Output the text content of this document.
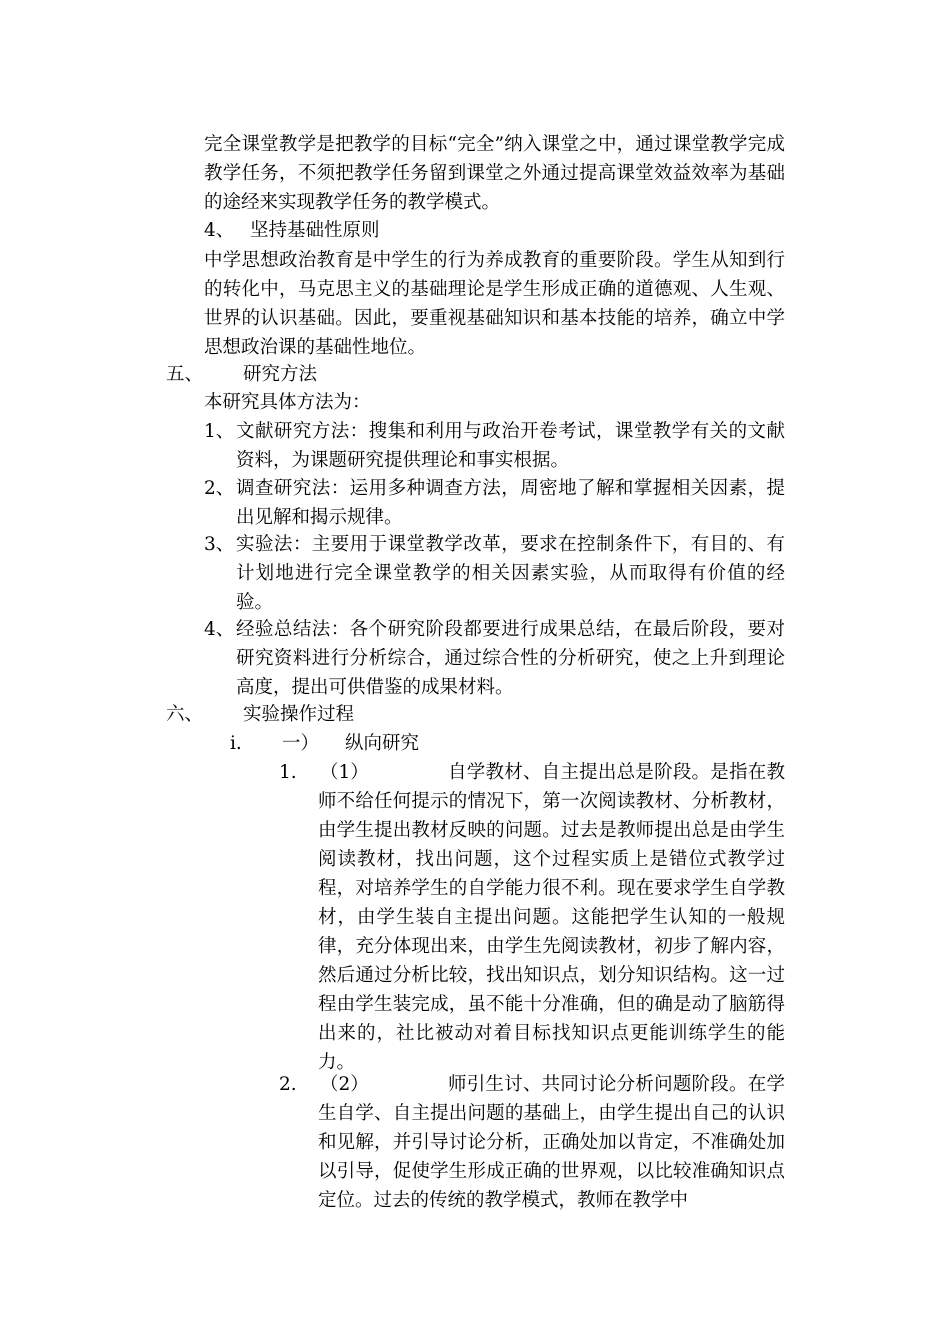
完全课堂教学是把教学的目标“完全”纳入课堂之中，通过课堂教学完成教学任务，不须把教学任务留到课堂之外通过提高课堂效益效率为基础的途经来实现教学任务的教学模式。

4、 坚持基础性原则

中学思想政治教育是中学生的行为养成教育的重要阶段。学生从知到行的转化中，马克思主义的基础理论是学生形成正确的道德观、人生观、世界的认识基础。因此，要重视基础知识和基本技能的培养，确立中学思想政治课的基础性地位。

五、 研究方法

本研究具体方法为：

1、 文献研究方法：搜集和利用与政治开卷考试，课堂教学有关的文献资料，为课题研究提供理论和事实根据。

2、 调查研究法：运用多种调查方法，周密地了解和掌握相关因素，提出见解和揭示规律。

3、 实验法：主要用于课堂教学改革，要求在控制条件下，有目的、有计划地进行完全课堂教学的相关因素实验，从而取得有价值的经验。

4、 经验总结法：各个研究阶段都要进行成果总结，在最后阶段，要对研究资料进行分析综合，通过综合性的分析研究，使之上升到理论高度，提出可供借鉴的成果材料。

六、 实验操作过程
i. 一） 纵向研究
1. （1）	自学教材、自主提出总是阶段。是指在教师不给任何提示的情况下，第一次阅读教材、分析教材，由学生提出教材反映的问题。过去是教师提出总是由学生阅读教材，找出问题，这个过程实质上是错位式教学过程，对培养学生的自学能力很不利。现在要求学生自学教材，由学生装自主提出问题。这能把学生认知的一般规律，充分体现出来，由学生先阅读教材，初步了解内容，然后通过分析比较，找出知识点，划分知识结构。这一过程由学生装完成，虽不能十分准确，但的确是动了脑筋得出来的，社比被动对着目标找知识点更能训练学生的能力。

2. （2）	师引生讨、共同讨论分析问题阶段。在学生自学、自主提出问题的基础上，由学生提出自己的认识和见解，并引导讨论分析，正确处加以肯定，不准确处加以引导，促使学生形成正确的世界观，以比较准确知识点定位。过去的传统的教学模式，教师在教学中
